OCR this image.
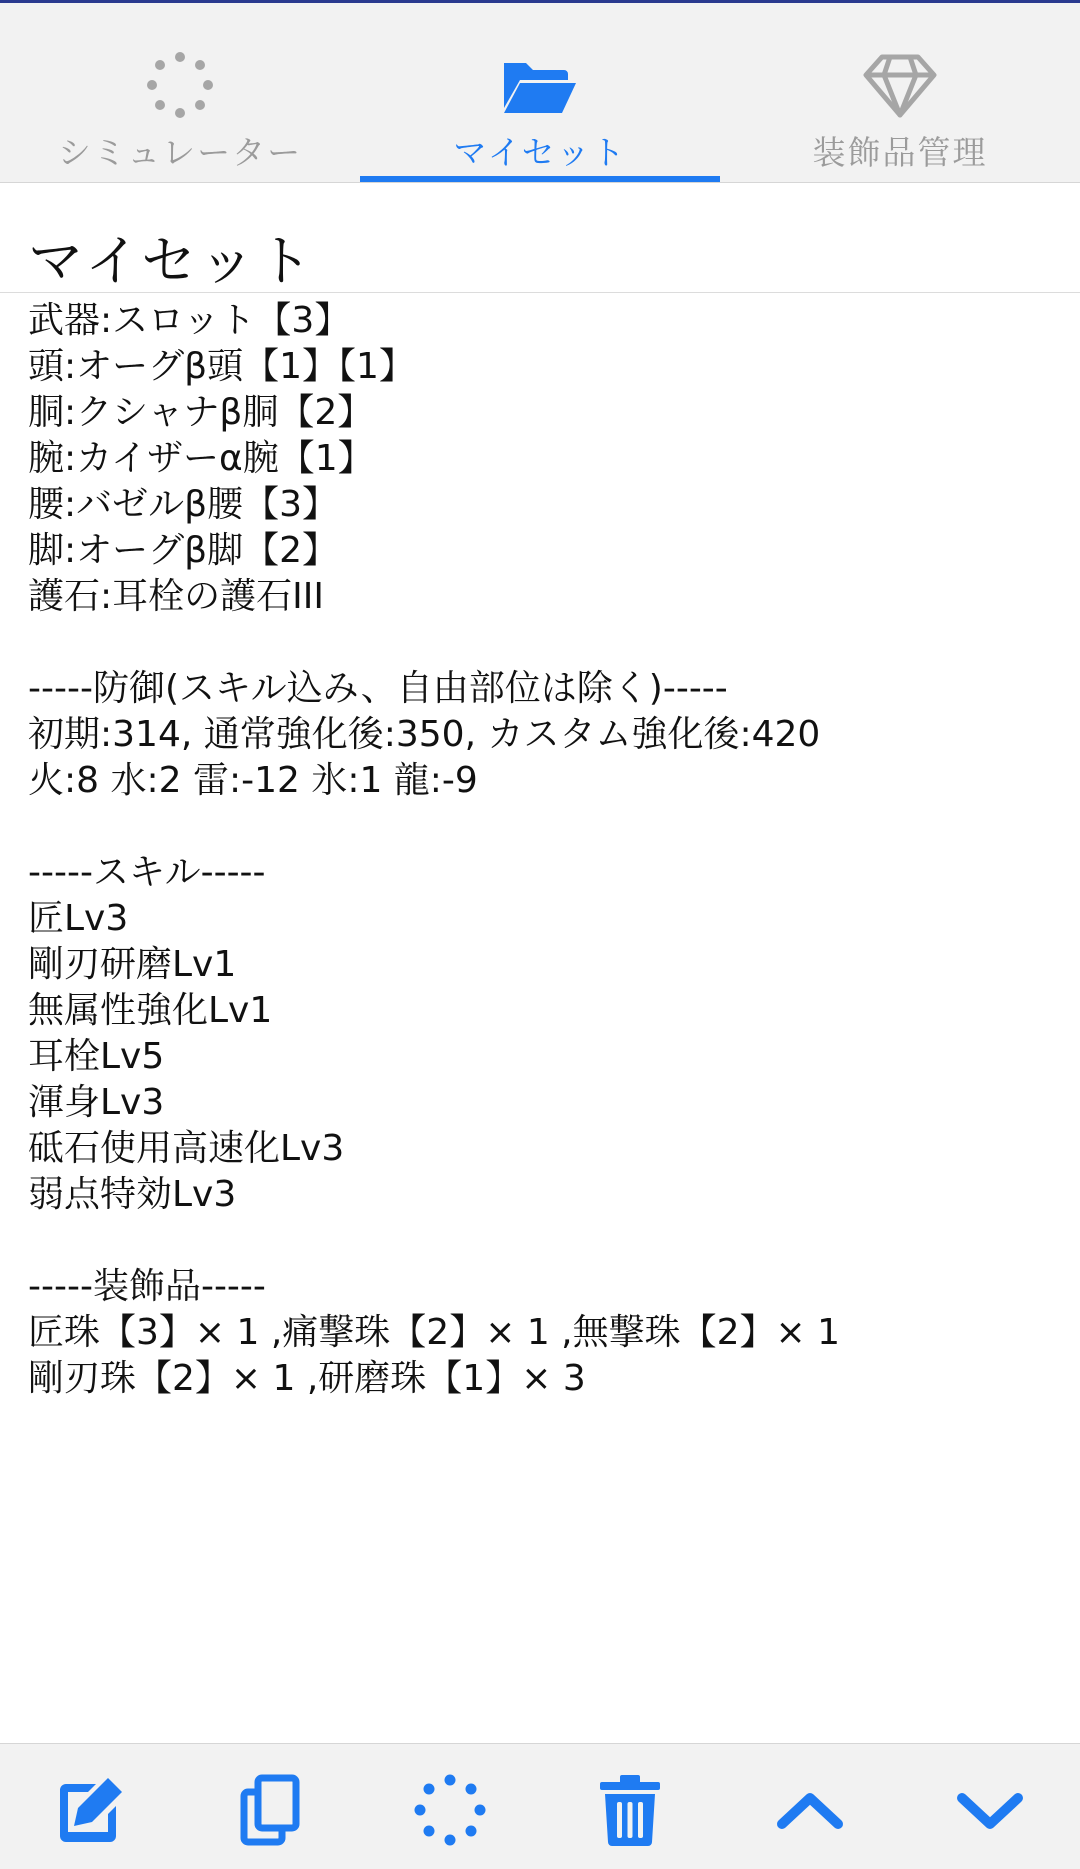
シミュレーター	マイセット	装飾品管理
マイセット
武器:スロット【3】
頭:オーグβ頭【1】【1】
胴:クシャナβ胴【2】
腕:カイザーα腕【1】
腰:バゼルβ腰【3】
脚:オーグβ脚【2】
護石:耳栓の護石III
-----防御(スキル込み、自由部位は除く)-----
初期:314, 通常強化後:350, カスタム強化後:420
火:8 水:2 雷:-12 氷:1 龍:-9
-----スキル-----
匠Lv3
剛刃研磨Lv1
無属性強化Lv1
耳栓Lv5
渾身Lv3
砥石使用高速化Lv3
弱点特効Lv3
-----装飾品-----
匠珠【3】× 1 ,痛撃珠【2】× 1 ,無撃珠【2】× 1
剛刃珠【2】× 1 ,研磨珠【1】× 3
